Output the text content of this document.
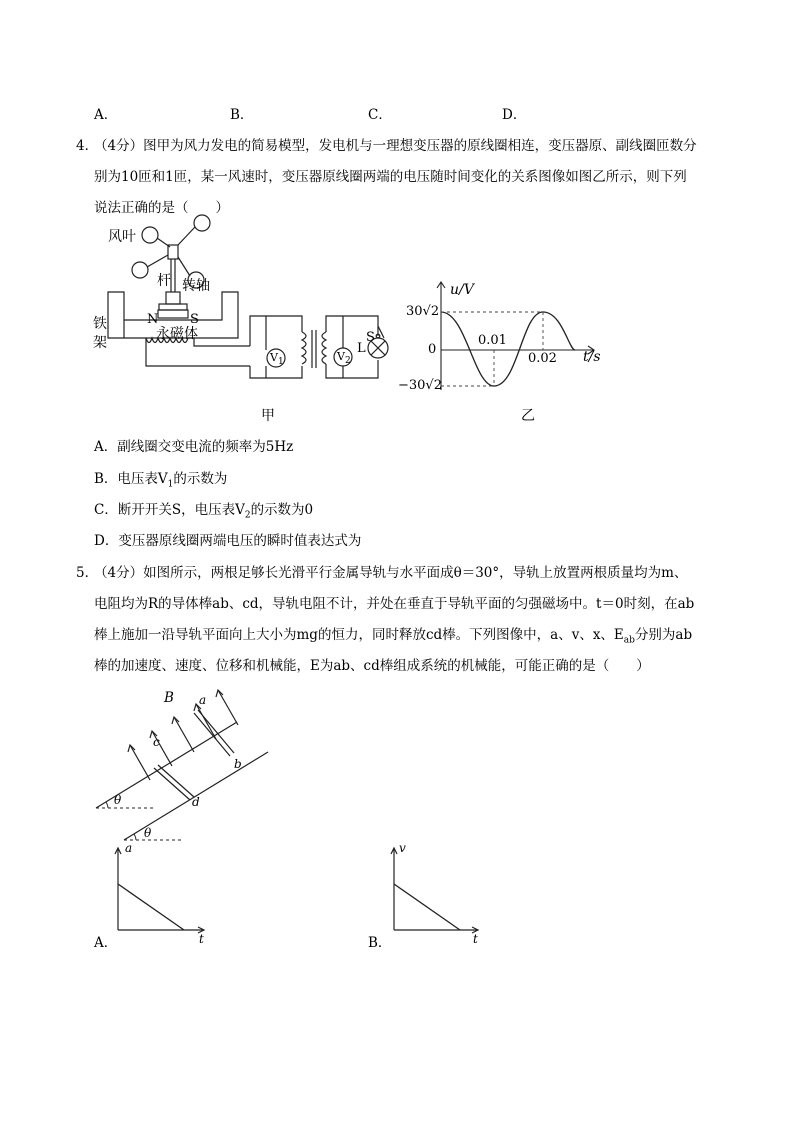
A．	B．	C．	D．
4．
（4分）图甲为风力发电的简易模型，发电机与一理想变压器的原线圈相连，变压器原、副线圈匝数分
别为10匝和1匝，某一风速时，变压器原线圈两端的电压随时间变化的关系图像如图乙所示，则下列
说法正确的是（　　）
风叶
杆 转轴
铁
架
N S
永磁体
$V_1$	$V_2$
S
L
甲
u/V
t/s
0
30√2
−30√2
0.01
0.02
乙
A．副线圈交变电流的频率为5Hz
B．电压表$V_1$的示数为
C．断开开关S，电压表$V_2$的示数为0
D．变压器原线圈两端电压的瞬时值表达式为
5．
（4分）如图所示，两根足够长光滑平行金属导轨与水平面成θ＝30°，导轨上放置两根质量均为m、
电阻均为R的导体棒ab、cd，导轨电阻不计，并处在垂直于导轨平面的匀强磁场中。t＝0时刻，在ab
棒上施加一沿导轨平面向上大小为mg的恒力，同时释放cd棒。下列图像中，a、v、x、$E_{ab}$分别为ab
棒的加速度、速度、位移和机械能，E为ab、cd棒组成系统的机械能，可能正确的是（　　）
B a
c
b
d
θ
θ
a
t
A．
v
t
B．
